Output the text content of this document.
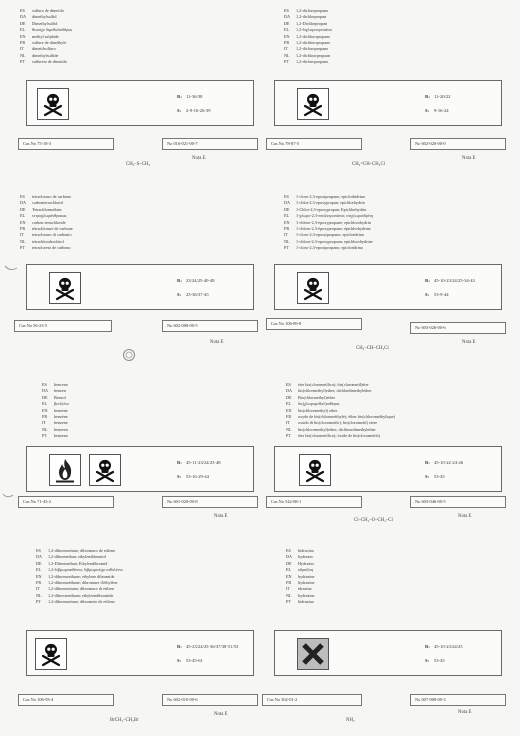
ES sulfuro de dimetilo
DA dimethylsulfid
DE Dimethylsulfid
EL θειούχο διμεθυλαιθέρας
EN methyl sulphide
FR sulfure de diméthyle
IT dimetilsolfuro
NL dimethylsulfide
PT sulfureto de dimetilo
R: 11-36/38
S: 2-9-16-26-39
Cas No 75-18-3	No 016-021-00-7
Nota E
CH₃–S–CH₃
ES 1,2-dicloropropano
DA 1,2-dichlorpropan
DE 1,2-Dichlorpropan
EL 1,2-διχλωροπροπάνιο
EN 1,2-dichloropropane
FR 1,2-dichloropropane
IT 1,2-dicloropropano
NL 1,2-dichloorpropaan
PT 1,2-dicloropropano
R: 11-20/22
S: 9-16-24
Cas No 78-87-5	No 602-020-00-0
Nota E
CH₂=CH–CH₂Cl
ES tetracloruro de carbono
DA carbontetrachlorid
DE Tetrachlormethan
EL τετραχλωράνθρακας
EN carbon tetrachloride
FR tétrachlorure de carbone
IT tetracloruro di carbonio
NL tetrachloorkoolstof
PT tetracloreto de carbono
R: 23/24/25-40-48
S: 23-36/37-45
Cas No 56-23-5	No 602-008-00-5
Nota E
ES 1-cloro-2,3-epoxipropano; epiclorhidrina
DA 1-chlor-2,3-epoxypropan; epichlorhydrin
DE 1-Chlor-2,3-epoxypropan; Epichlorhydrin
EL 1-χλωρο-2,3-εποξυπροπάνιο; επιχλωροϋδρίνη
EN 1-chloro-2,3-epoxypropane; epichlorohydrin
FR 1-chloro-2,3-époxypropane; épichlorhydrine
IT 1-cloro-2,3-epossipropano; epicloridrina
NL 1-chloor-2,3-epoxypropaan; epichloorhydrine
PT 1-cloro-2,3-epoxipropano; epicloridrina
R: 45-10-23/24/25-34-43
S: 53-9-44
Cas No 106-89-8
No 603-026-00-6
Nota E
CH₂–CH–CH₂Cl
ES benceno
DA benzen
DE Benzol
EL βενζόλιο
EN benzene
FR benzène
IT benzene
NL benzeen
PT benzeno
R: 45-11-23/24/25-48
S: 53-16-29-44
Cas No 71-43-2	No 601-020-00-8
Nota E
ES éter bis(clorometílico); bis(clorometil)éter
DA bis(chlormethyl)ether; dichlordimethylether
DE Bis(chlormethyl)ether
EL δις(χλωρομεθυλ)αιθέρας
EN bis(chloromethyl) ether
FR oxyde de bis(chlorométhyle); éther bis(chlorométhylique)
IT ossido di bis(clorometile); bis(clorometil) etere
NL bis(chloormethyl)ether; dichloordimethylether
PT éter bis(clorometílico); óxido de bis(clorometilo)
R: 45-10-22-24-26
S: 53-45
Cas No 542-88-1	No 603-046-00-5
Nota E
Cl–CH₂–O–CH₂–Cl
ES 1,2-dibromoetano; dibromuro de etileno
DA 1,2-dibromethan; ethylendibromid
DE 1,2-Dibromethan; Ethylendibromid
EL 1,2-διβρωμοαιθάνιο; διβρωμιούχο αιθυλένιο
EN 1,2-dibromoethane; ethylene dibromide
FR 1,2-dibromoéthane; dibromure d'éthylène
IT 1,2-dibromoetano; dibromuro di etilene
NL 1,2-dibroomethaan; ethyleendibromide
PT 1,2-dibromoetano; dibrometo de etileno
R: 45-23/24/25-36/37/38-51/53
S: 53-45-61
Cas No 106-93-4	No 602-010-00-6
Nota E
BrCH₂–CH₂Br
ES hidracina
DA hydrazin
DE Hydrazin
EL υδραζίνη
EN hydrazine
FR hydrazine
IT idrazina
NL hydrazine
PT hidrazina
R: 45-10-23/24/25
S: 53-45
Cas No 302-01-2	No 007-008-00-3
Nota E
NH₂
